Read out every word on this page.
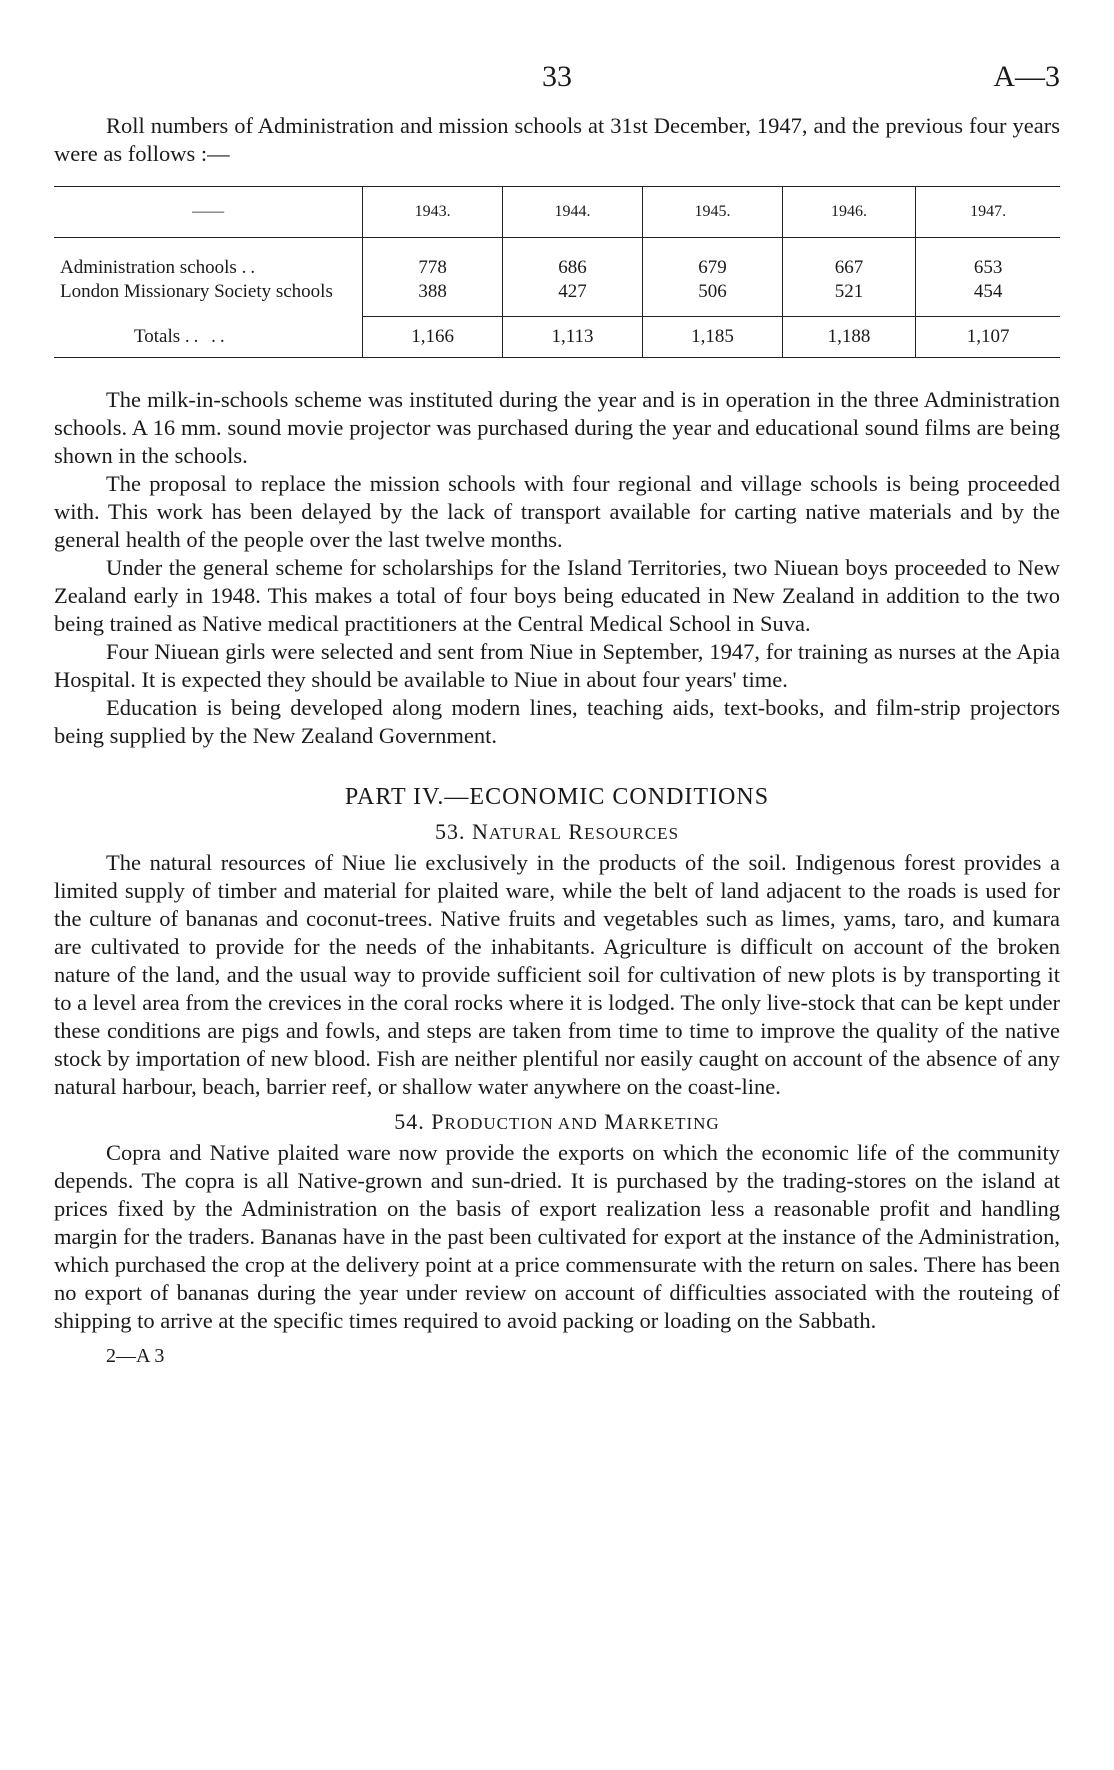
33	A—3

Roll numbers of Administration and mission schools at 31st December, 1947, and the previous four years were as follows :—

——	1943.	1944.	1945.	1946.	1947.
Administration schools ..	778	686	679	667	653
London Missionary Society schools	388	427	506	521	454
Totals .. ..	1,166	1,113	1,185	1,188	1,107

The milk-in-schools scheme was instituted during the year and is in operation in the three Administration schools. A 16 mm. sound movie projector was purchased during the year and educational sound films are being shown in the schools.

The proposal to replace the mission schools with four regional and village schools is being proceeded with. This work has been delayed by the lack of transport available for carting native materials and by the general health of the people over the last twelve months.

Under the general scheme for scholarships for the Island Territories, two Niuean boys proceeded to New Zealand early in 1948. This makes a total of four boys being educated in New Zealand in addition to the two being trained as Native medical practitioners at the Central Medical School in Suva.

Four Niuean girls were selected and sent from Niue in September, 1947, for training as nurses at the Apia Hospital. It is expected they should be available to Niue in about four years' time.

Education is being developed along modern lines, teaching aids, text-books, and film-strip projectors being supplied by the New Zealand Government.

PART IV.—ECONOMIC CONDITIONS
53. NATURAL RESOURCES

The natural resources of Niue lie exclusively in the products of the soil. Indigenous forest provides a limited supply of timber and material for plaited ware, while the belt of land adjacent to the roads is used for the culture of bananas and coconut-trees. Native fruits and vegetables such as limes, yams, taro, and kumara are cultivated to provide for the needs of the inhabitants. Agriculture is difficult on account of the broken nature of the land, and the usual way to provide sufficient soil for cultivation of new plots is by transporting it to a level area from the crevices in the coral rocks where it is lodged. The only live-stock that can be kept under these conditions are pigs and fowls, and steps are taken from time to time to improve the quality of the native stock by importation of new blood. Fish are neither plentiful nor easily caught on account of the absence of any natural harbour, beach, barrier reef, or shallow water anywhere on the coast-line.

54. PRODUCTION AND MARKETING

Copra and Native plaited ware now provide the exports on which the economic life of the community depends. The copra is all Native-grown and sun-dried. It is purchased by the trading-stores on the island at prices fixed by the Administration on the basis of export realization less a reasonable profit and handling margin for the traders. Bananas have in the past been cultivated for export at the instance of the Administration, which purchased the crop at the delivery point at a price commensurate with the return on sales. There has been no export of bananas during the year under review on account of difficulties associated with the routeing of shipping to arrive at the specific times required to avoid packing or loading on the Sabbath.

2—A 3
